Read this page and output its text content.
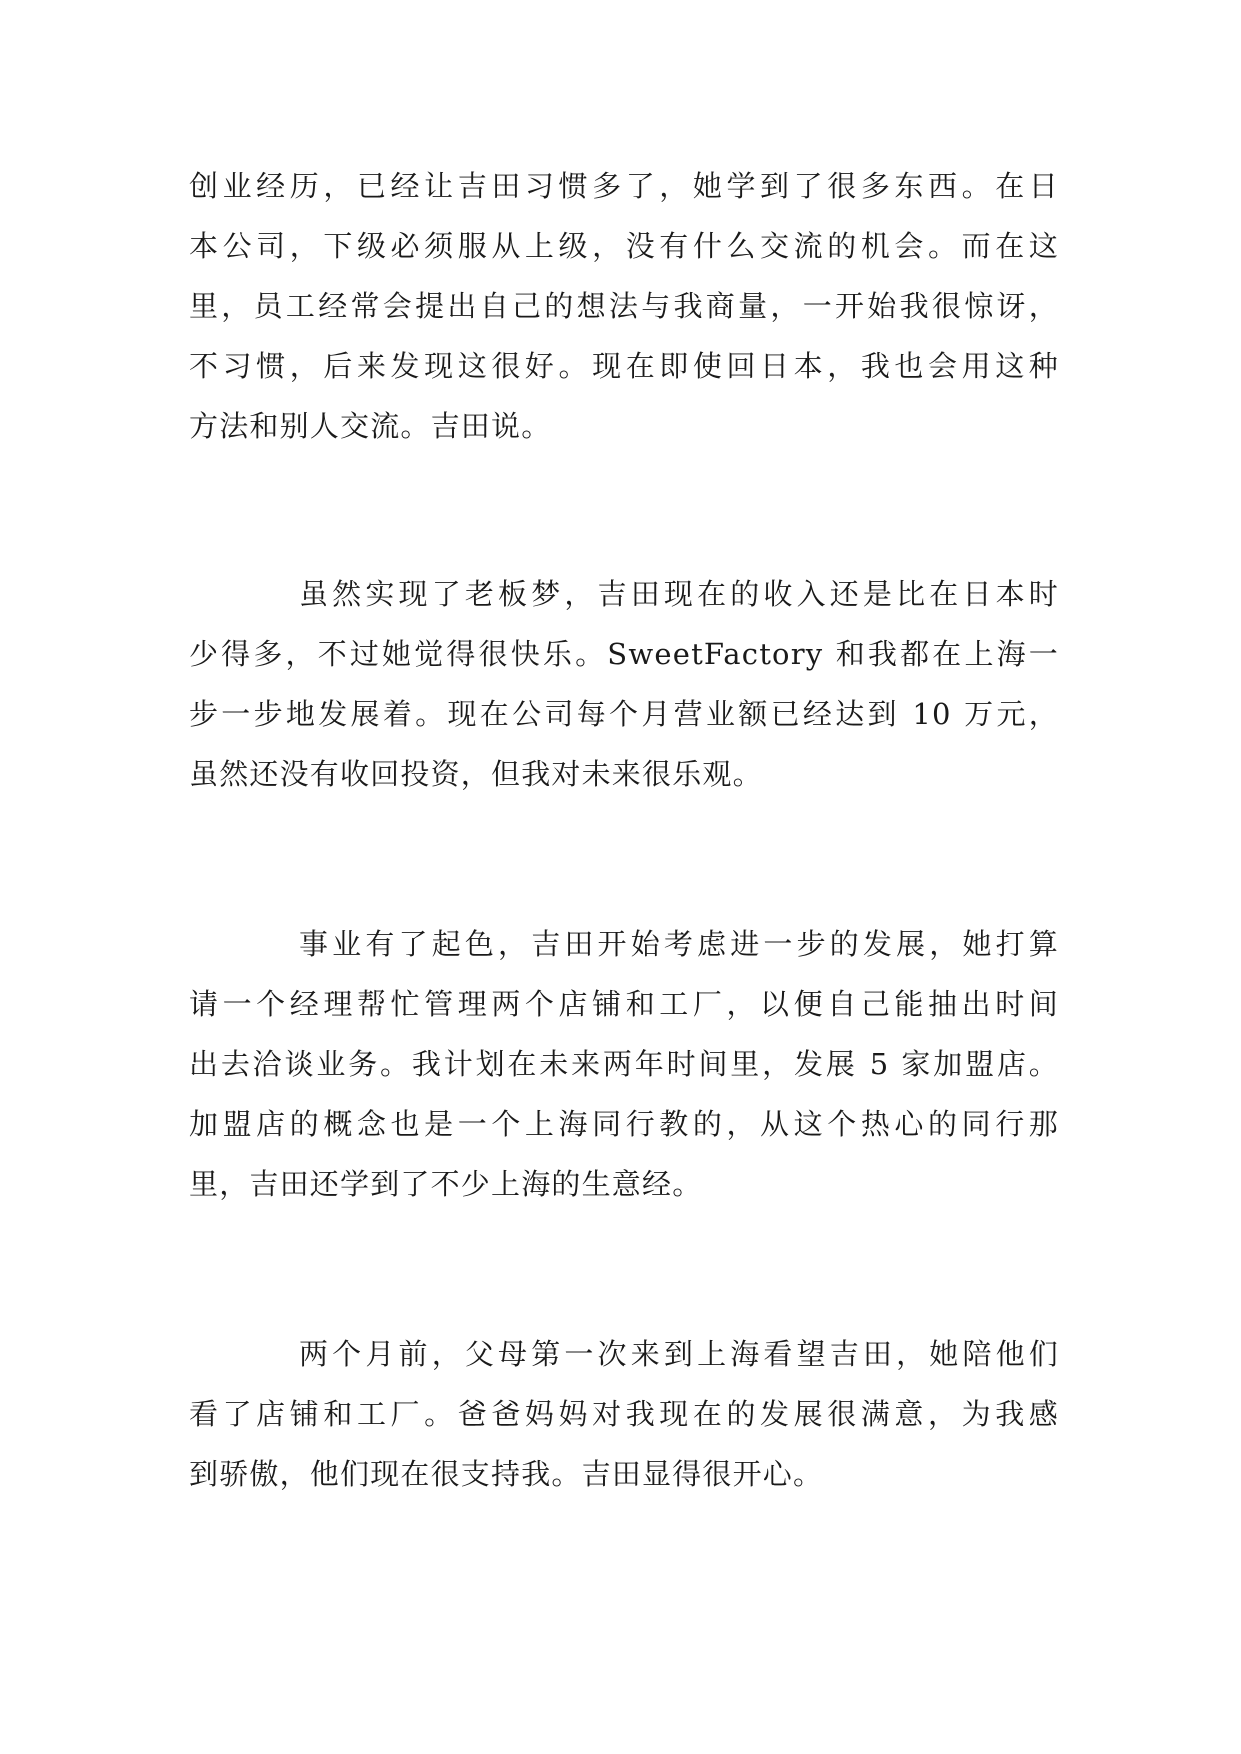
创业经历，已经让吉田习惯多了，她学到了很多东西。在日
本公司，下级必须服从上级，没有什么交流的机会。而在这
里，员工经常会提出自己的想法与我商量，一开始我很惊讶，
不习惯，后来发现这很好。现在即使回日本，我也会用这种
方法和别人交流。吉田说。
虽然实现了老板梦，吉田现在的收入还是比在日本时
少得多，不过她觉得很快乐。SweetFactory 和我都在上海一
步一步地发展着。现在公司每个月营业额已经达到 10 万元，
虽然还没有收回投资，但我对未来很乐观。
事业有了起色，吉田开始考虑进一步的发展，她打算
请一个经理帮忙管理两个店铺和工厂，以便自己能抽出时间
出去洽谈业务。我计划在未来两年时间里，发展 5 家加盟店。
加盟店的概念也是一个上海同行教的，从这个热心的同行那
里，吉田还学到了不少上海的生意经。
两个月前，父母第一次来到上海看望吉田，她陪他们
看了店铺和工厂。爸爸妈妈对我现在的发展很满意，为我感
到骄傲，他们现在很支持我。吉田显得很开心。
